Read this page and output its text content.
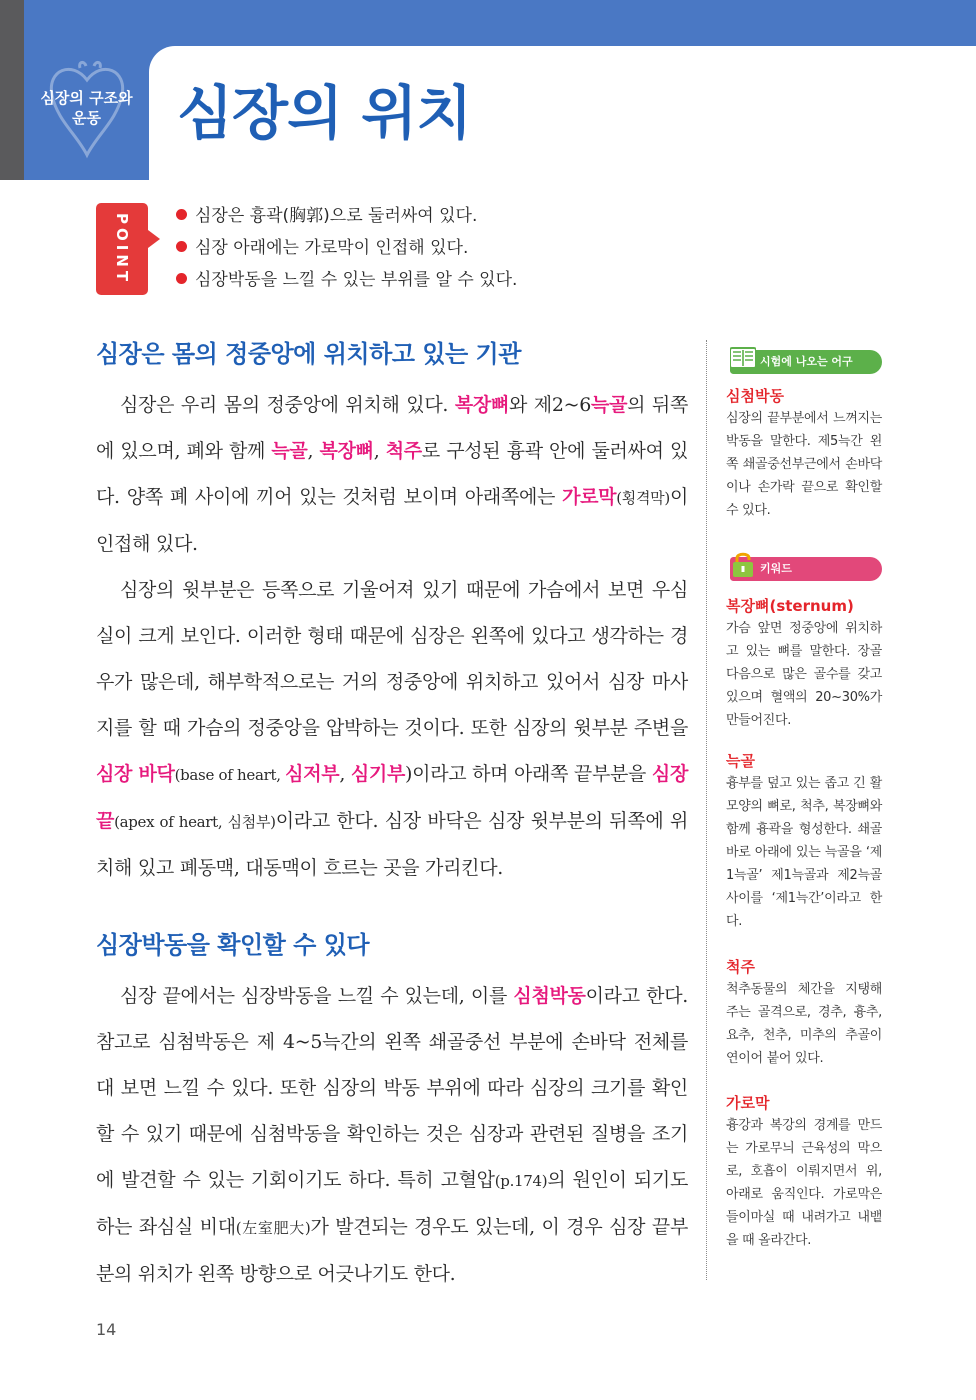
심장의 구조와
운동	심장의 위치
POINT	심장은 흉곽(胸郭)으로 둘러싸여 있다.
심장 아래에는 가로막이 인접해 있다.
심장박동을 느낄 수 있는 부위를 알 수 있다.
심장은 몸의 정중앙에 위치하고 있는 기관

심장은 우리 몸의 정중앙에 위치해 있다. 복장뼈와 제2~6늑골의 뒤쪽에 있으며, 폐와 함께 늑골, 복장뼈, 척주로 구성된 흉곽 안에 둘러싸여 있다. 양쪽 폐 사이에 끼어 있는 것처럼 보이며 아래쪽에는 가로막(횡격막)이 인접해 있다.

심장의 윗부분은 등쪽으로 기울어져 있기 때문에 가슴에서 보면 우심실이 크게 보인다. 이러한 형태 때문에 심장은 왼쪽에 있다고 생각하는 경우가 많은데, 해부학적으로는 거의 정중앙에 위치하고 있어서 심장 마사지를 할 때 가슴의 정중앙을 압박하는 것이다. 또한 심장의 윗부분 주변을 심장 바닥(base of heart, 심저부, 심기부)이라고 하며 아래쪽 끝부분을 심장 끝(apex of heart, 심첨부)이라고 한다. 심장 바닥은 심장 윗부분의 뒤쪽에 위치해 있고 폐동맥, 대동맥이 흐르는 곳을 가리킨다.

심장박동을 확인할 수 있다

심장 끝에서는 심장박동을 느낄 수 있는데, 이를 심첨박동이라고 한다. 참고로 심첨박동은 제 4~5늑간의 왼쪽 쇄골중선 부분에 손바닥 전체를 대 보면 느낄 수 있다. 또한 심장의 박동 부위에 따라 심장의 크기를 확인할 수 있기 때문에 심첨박동을 확인하는 것은 심장과 관련된 질병을 조기에 발견할 수 있는 기회이기도 하다. 특히 고혈압(p.174)의 원인이 되기도 하는 좌심실 비대(左室肥大)가 발견되는 경우도 있는데, 이 경우 심장 끝부분의 위치가 왼쪽 방향으로 어긋나기도 한다.

시험에 나오는 어구

심첨박동

심장의 끝부분에서 느껴지는 박동을 말한다. 제5늑간 왼쪽 쇄골중선부근에서 손바닥이나 손가락 끝으로 확인할 수 있다.

키워드

복장뼈(sternum)

가슴 앞면 정중앙에 위치하고 있는 뼈를 말한다. 장골 다음으로 많은 골수를 갖고 있으며 혈액의 20~30%가 만들어진다.

늑골

흉부를 덮고 있는 좁고 긴 활모양의 뼈로, 척추, 복장뼈와 함께 흉곽을 형성한다. 쇄골 바로 아래에 있는 늑골을 ‘제1늑골’ 제1늑골과 제2늑골사이를 ‘제1늑간’이라고 한다.

척주

척추동물의 체간을 지탱해 주는 골격으로, 경추, 흉추, 요추, 천추, 미추의 추골이 연이어 붙어 있다.

가로막

흉강과 복강의 경계를 만드는 가로무늬 근육성의 막으로, 호흡이 이뤄지면서 위, 아래로 움직인다. 가로막은 들이마실 때 내려가고 내뱉을 때 올라간다.

14
